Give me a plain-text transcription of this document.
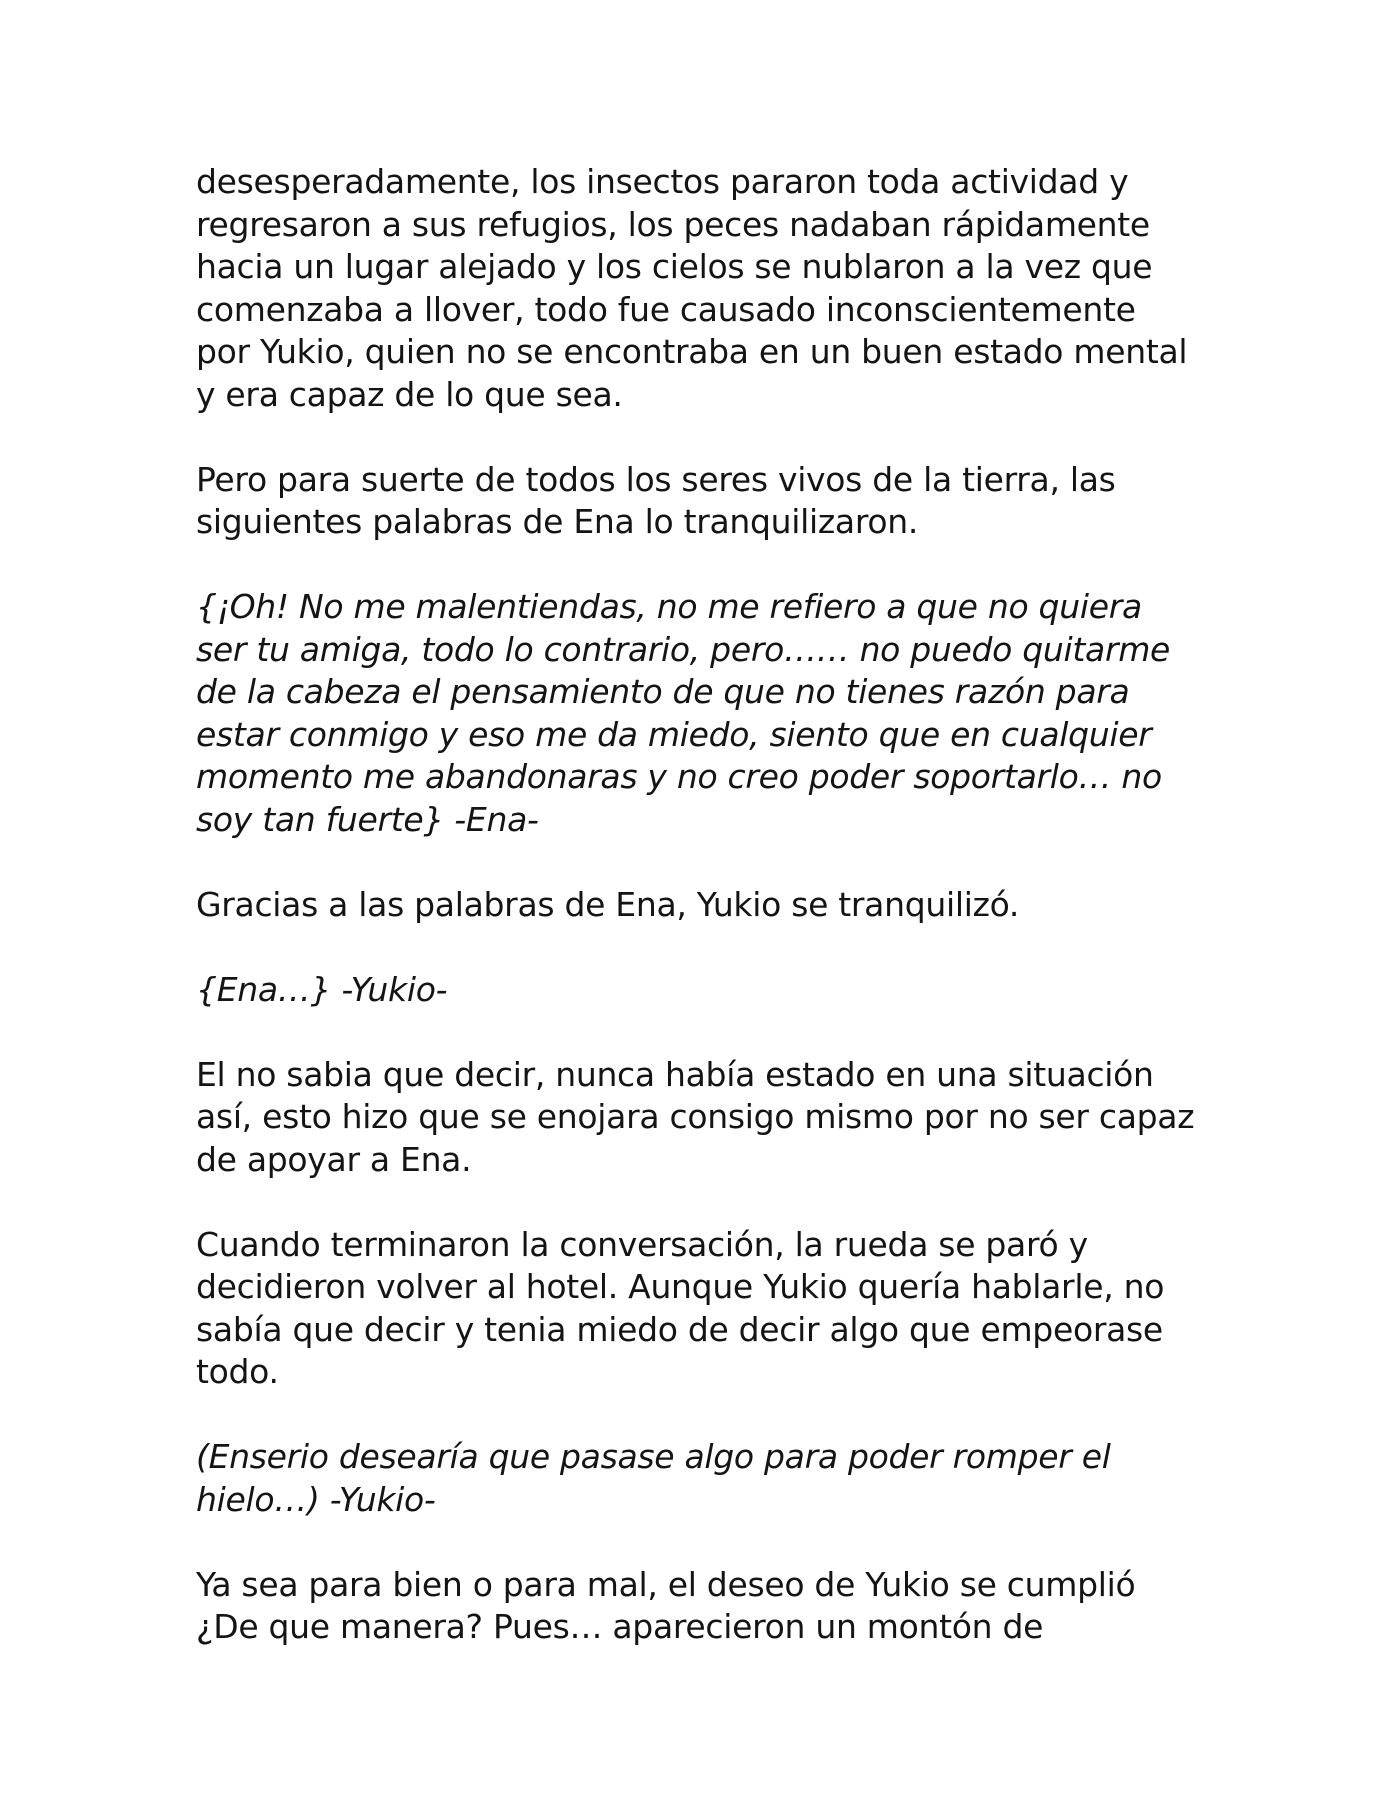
desesperadamente, los insectos pararon toda actividad y
regresaron a sus refugios, los peces nadaban rápidamente
hacia un lugar alejado y los cielos se nublaron a la vez que
comenzaba a llover, todo fue causado inconscientemente
por Yukio, quien no se encontraba en un buen estado mental
y era capaz de lo que sea.

Pero para suerte de todos los seres vivos de la tierra, las
siguientes palabras de Ena lo tranquilizaron.

{¡Oh! No me malentiendas, no me refiero a que no quiera
ser tu amiga, todo lo contrario, pero…… no puedo quitarme
de la cabeza el pensamiento de que no tienes razón para
estar conmigo y eso me da miedo, siento que en cualquier
momento me abandonaras y no creo poder soportarlo… no
soy tan fuerte} -Ena-

Gracias a las palabras de Ena, Yukio se tranquilizó.

{Ena…} -Yukio-

El no sabia que decir, nunca había estado en una situación
así, esto hizo que se enojara consigo mismo por no ser capaz
de apoyar a Ena.

Cuando terminaron la conversación, la rueda se paró y
decidieron volver al hotel. Aunque Yukio quería hablarle, no
sabía que decir y tenia miedo de decir algo que empeorase
todo.

(Enserio desearía que pasase algo para poder romper el
hielo…) -Yukio-

Ya sea para bien o para mal, el deseo de Yukio se cumplió
¿De que manera? Pues… aparecieron un montón de
